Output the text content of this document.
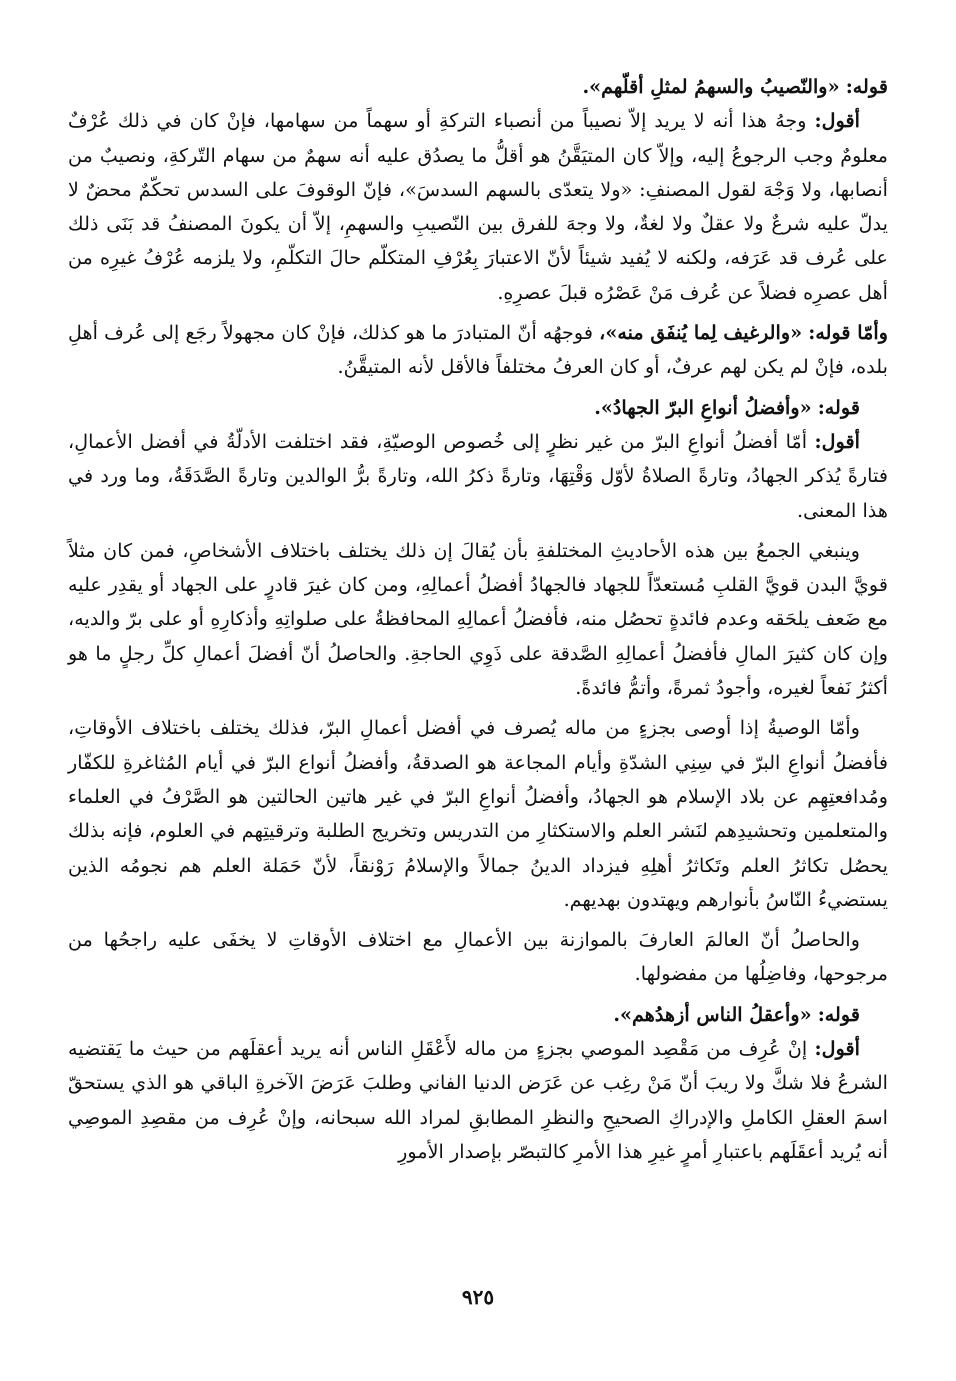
قوله: «والنّصيبُ والسهمُ لمثلِ أقلّهم».

أقول: وجهُ هذا أنه لا يريد إلاّ نصيباً من أنصباء التركةِ أو سهماً من سهامها، فإنْ كان في ذلك عُرْفٌ معلومٌ وجب الرجوعُ إليه، وإلاّ كان المتيَقَّنُ هو أقلُّ ما يصدُق عليه أنه سهمٌ من سهام التّركةِ، ونصيبٌ من أنصابها، ولا وَجْهَ لقول المصنفِ: «ولا يتعدّى بالسهم السدسَ»، فإنّ الوقوفَ على السدس تحكّمٌ محضٌ لا يدلّ عليه شرعٌ ولا عقلٌ ولا لغةٌ، ولا وجهَ للفرق بين النّصيبِ والسهمِ، إلاّ أن يكونَ المصنفُ قد بَنَى ذلك على عُرف قد عَرَفه، ولكنه لا يُفيد شيئاً لأنّ الاعتبارَ بِعُرْفِ المتكلّم حالَ التكلّمِ، ولا يلزمه عُرْفُ غيرِه من أهل عصرِه فضلاً عن عُرف مَنْ عَصْرُه قبلَ عصرِهِ.

وأمّا قوله: «والرغيف لِما يُنفَق منه»، فوجهُه أنّ المتبادرَ ما هو كذلك، فإنْ كان مجهولاً رجَع إلى عُرف أهلِ بلده، فإنْ لم يكن لهم عرفٌ، أو كان العرفُ مختلفاً فالأقل لأنه المتيقَّنُ.

قوله: «وأفضلُ أنواعِ البرّ الجهادُ».

أقول: أمّا أفضلُ أنواعِ البرّ من غير نظرٍ إلى خُصوص الوصيّةِ، فقد اختلفت الأدلّةُ في أفضل الأعمالِ، فتارةً يُذكر الجهادُ، وتارةً الصلاةُ لأوّل وَقْتِهَا، وتارةً ذكرُ الله، وتارةً برُّ الوالدين وتارةً الصَّدَقَةُ، وما ورد في هذا المعنى.

وينبغي الجمعُ بين هذه الأحاديثِ المختلفةِ بأن يُقالَ إن ذلك يختلف باختلاف الأشخاصِ، فمن كان مثلاً قويَّ البدن قويَّ القلبِ مُستعدّاً للجهاد فالجهادُ أفضلُ أعمالِهِ، ومن كان غيرَ قادرٍ على الجهاد أو يقدِر عليه مع ضَعف يلحَقه وعدم فائدةٍ تحصُل منه، فأفضلُ أعمالِهِ المحافظةُ على صلواتِهِ وأذكارِهِ أو على برّ والديه، وإن كان كثيرَ المالِ فأفضلُ أعمالِهِ الصَّدقة على ذَوِي الحاجةِ. والحاصلُ أنّ أفضلَ أعمالِ كلِّ رجلٍ ما هو أكثرُ نَفعاً لغيره، وأجودُ ثمرةً، وأتمُّ فائدةً.

وأمّا الوصيةُ إذا أوصى بجزءٍ من ماله يُصرف في أفضل أعمالِ البرّ، فذلك يختلف باختلاف الأوقاتِ، فأفضلُ أنواعِ البرّ في سِنِي الشدّةِ وأيام المجاعة هو الصدقةُ، وأفضلُ أنواع البرّ في أيام المُثاغرةِ للكفّار ومُدافعتِهِم عن بلاد الإسلام هو الجهادُ، وأفضلُ أنواعِ البرّ في غير هاتين الحالتين هو الصَّرْفُ في العلماء والمتعلمين وتحشيدِهم لنَشر العلم والاستكثارِ من التدريس وتخريج الطلبة وترقيتِهم في العلوم، فإنه بذلك يحصُل تكاثرُ العلم وتَكاثرُ أهلِهِ فيزداد الدينُ جمالاً والإسلامُ رَوْنقاً، لأنّ حَمَلة العلم هم نجومُه الذين يستضيءُ النّاسُ بأنوارهم ويهتدون بهديهم.

والحاصلُ أنّ العالمَ العارفَ بالموازنة بين الأعمالِ مع اختلاف الأوقاتِ لا يخفَى عليه راجحُها من مرجوحها، وفاضِلُها من مفضولها.

قوله: «وأعقلُ الناس أزهدُهم».

أقول: إنْ عُرِف من مَقْصِد الموصي بجزءٍ من ماله لأَعْقَلِ الناس أنه يريد أعقلَهم من حيث ما يَقتضيه الشرعُ فلا شكَّ ولا ريبَ أنّ مَنْ رغِب عن عَرَض الدنيا الفاني وطلبَ عَرَضَ الآخرةِ الباقي هو الذي يستحقّ اسمَ العقلِ الكاملِ والإدراكِ الصحيحِ والنظرِ المطابقِ لمراد الله سبحانه، وإنْ عُرِف من مقصِدِ الموصِي أنه يُريد أعقَلَهم باعتبارِ أمرٍ غيرِ هذا الأمرِ كالتبصّر بإصدار الأمورِ

٩٢٥
